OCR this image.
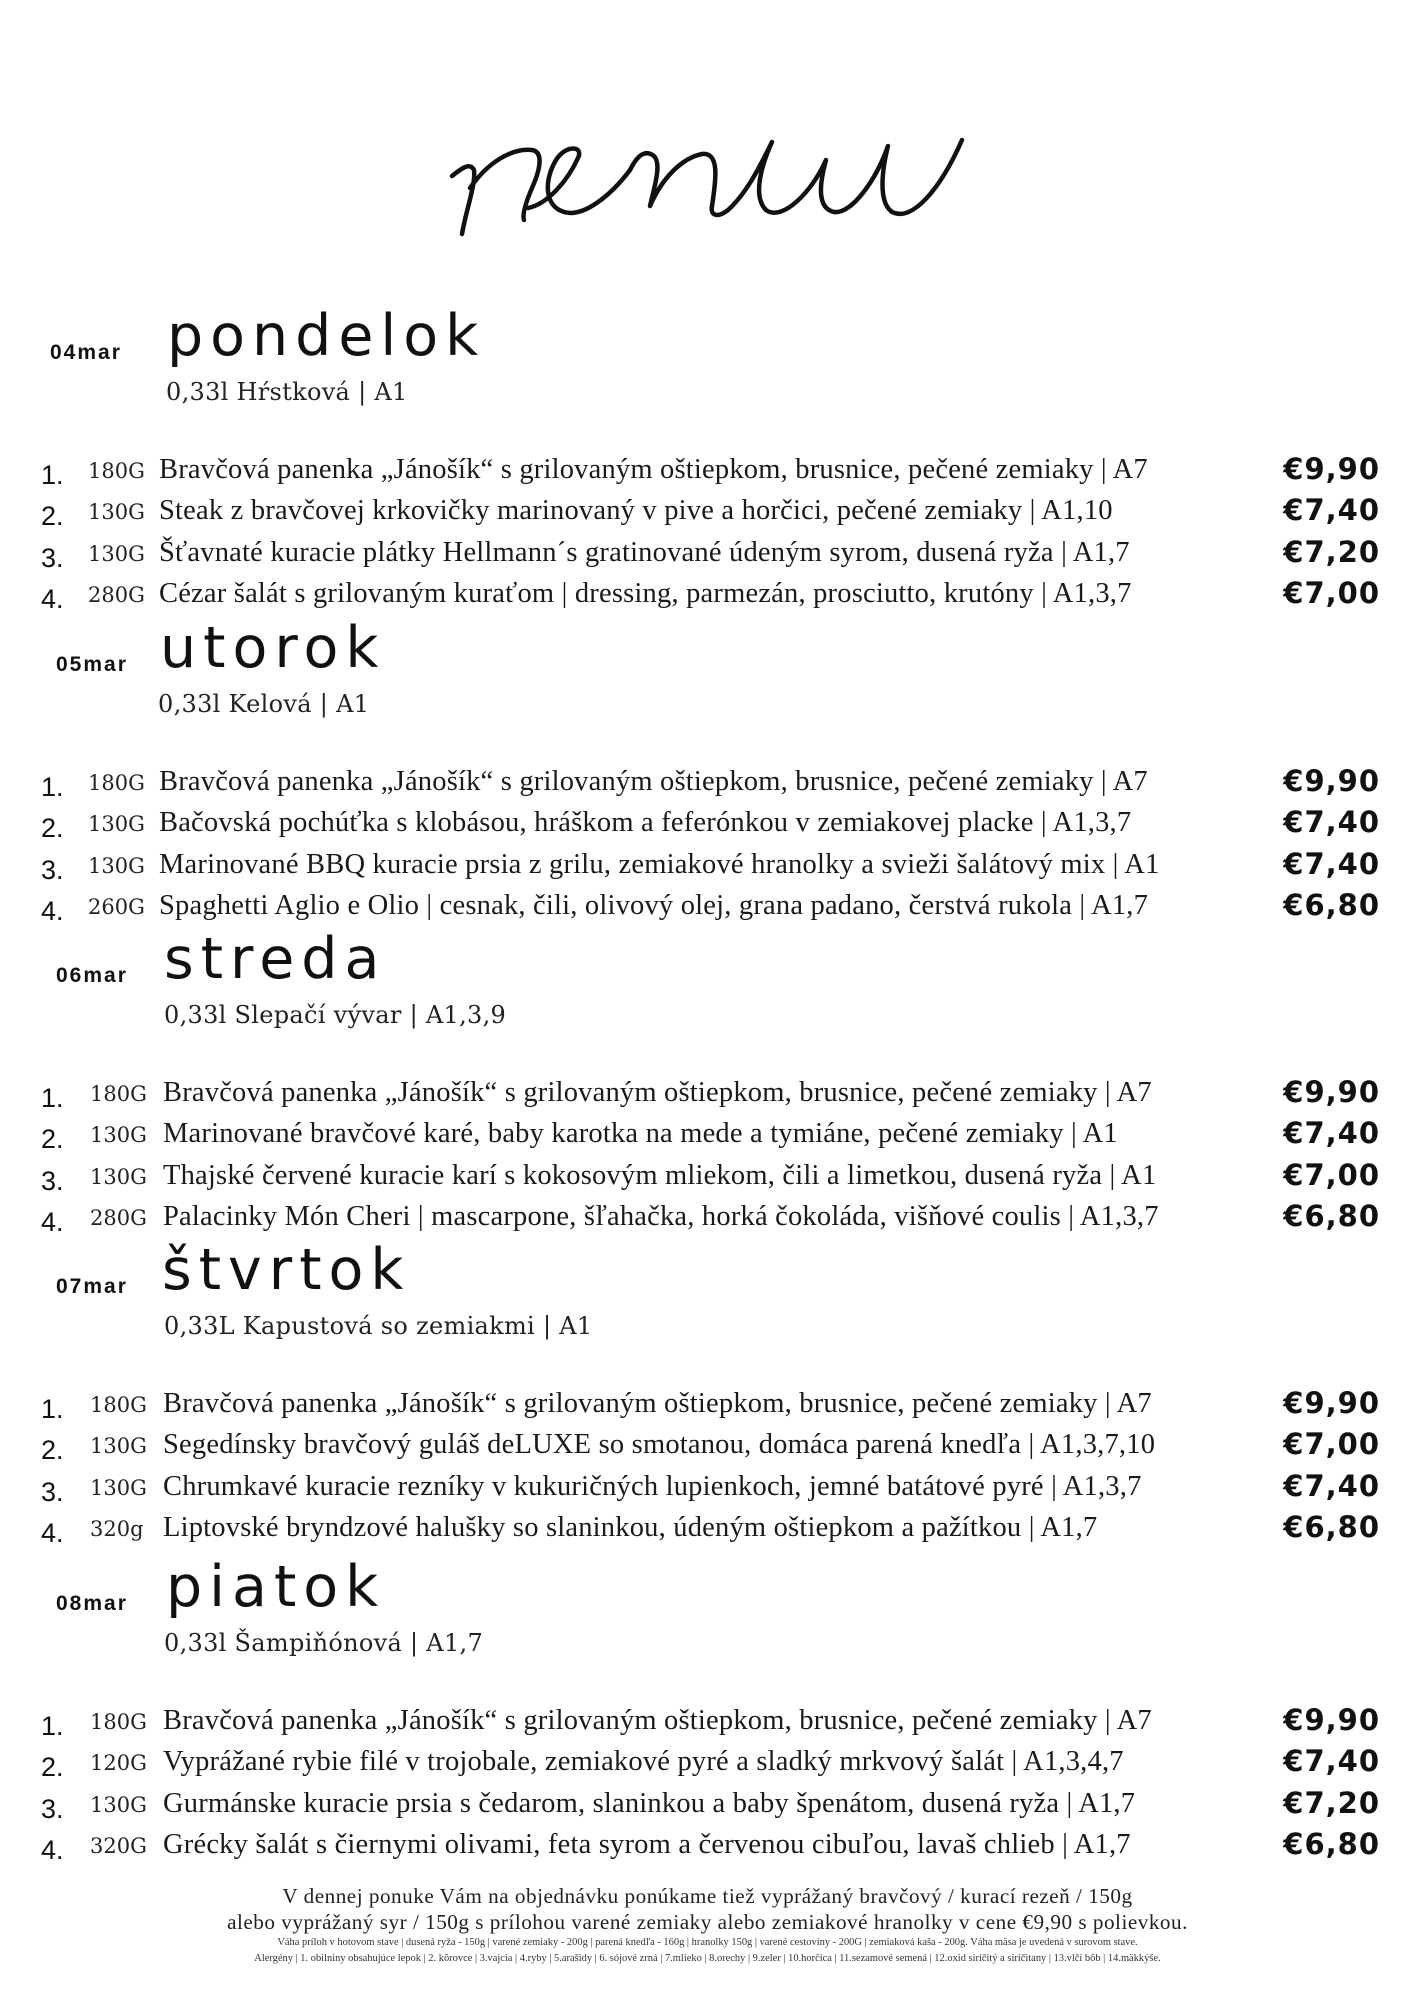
04mar pondelok
0,33l Hŕstková | A1
1. 180G Bravčová panenka „Jánošík“ s grilovaným oštiepkom, brusnice, pečené zemiaky | A7	€9,90
2. 130G Steak z bravčovej krkovičky marinovaný v pive a horčici, pečené zemiaky | A1,10	€7,40
3. 130G Šťavnaté kuracie plátky Hellmann´s gratinované údeným syrom, dusená ryža | A1,7	€7,20
4. 280G Cézar šalát s grilovaným kuraťom | dressing, parmezán, prosciutto, krutóny | A1,3,7	€7,00
05mar utorok
0,33l Kelová | A1
1. 180G Bravčová panenka „Jánošík“ s grilovaným oštiepkom, brusnice, pečené zemiaky | A7	€9,90
2. 130G Bačovská pochúťka s klobásou, hráškom a feferónkou v zemiakovej placke | A1,3,7	€7,40
3. 130G Marinované BBQ kuracie prsia z grilu, zemiakové hranolky a svieži šalátový mix | A1	€7,40
4. 260G Spaghetti Aglio e Olio | cesnak, čili, olivový olej, grana padano, čerstvá rukola | A1,7	€6,80
06mar streda
0,33l Slepačí vývar | A1,3,9
1. 180G Bravčová panenka „Jánošík“ s grilovaným oštiepkom, brusnice, pečené zemiaky | A7	€9,90
2. 130G Marinované bravčové karé, baby karotka na mede a tymiáne, pečené zemiaky | A1	€7,40
3. 130G Thajské červené kuracie karí s kokosovým mliekom, čili a limetkou, dusená ryža | A1	€7,00
4. 280G Palacinky Món Cheri | mascarpone, šľahačka, horká čokoláda, višňové coulis | A1,3,7	€6,80
07mar štvrtok
0,33L Kapustová so zemiakmi | A1
1. 180G Bravčová panenka „Jánošík“ s grilovaným oštiepkom, brusnice, pečené zemiaky | A7	€9,90
2. 130G Segedínsky bravčový guláš deLUXE so smotanou, domáca parená knedľa | A1,3,7,10	€7,00
3. 130G Chrumkavé kuracie rezníky v kukuričných lupienkoch, jemné batátové pyré | A1,3,7	€7,40
4. 320g Liptovské bryndzové halušky so slaninkou, údeným oštiepkom a pažítkou | A1,7	€6,80
08mar piatok
0,33l Šampiňónová | A1,7
1. 180G Bravčová panenka „Jánošík“ s grilovaným oštiepkom, brusnice, pečené zemiaky | A7	€9,90
2. 120G Vyprážané rybie filé v trojobale, zemiakové pyré a sladký mrkvový šalát | A1,3,4,7	€7,40
3. 130G Gurmánske kuracie prsia s čedarom, slaninkou a baby špenátom, dusená ryža | A1,7	€7,20
4. 320G Grécky šalát s čiernymi olivami, feta syrom a červenou cibuľou, lavaš chlieb | A1,7	€6,80
V dennej ponuke Vám na objednávku ponúkame tiež vyprážaný bravčový / kurací rezeň / 150g
alebo vyprážaný syr / 150g s prílohou varené zemiaky alebo zemiakové hranolky v cene €9,90 s polievkou.
Váha príloh v hotovom stave | dusená ryža - 150g | varené zemiaky - 200g | parená knedľa - 160g | hranolky 150g | varené cestoviny - 200G | zemiaková kaša - 200g. Váha mäsa je uvedená v surovom stave.
Alergény | 1. obilniny obsahujúce lepok | 2. kôrovce | 3.vajcia | 4.ryby | 5.arašidy | 6. sójové zrná | 7.mlieko | 8.orechy | 9.zeler | 10.horčica | 11.sezamové semená | 12.oxid siričitý a siričitany | 13.vlčí bôb | 14.mäkkýše.
